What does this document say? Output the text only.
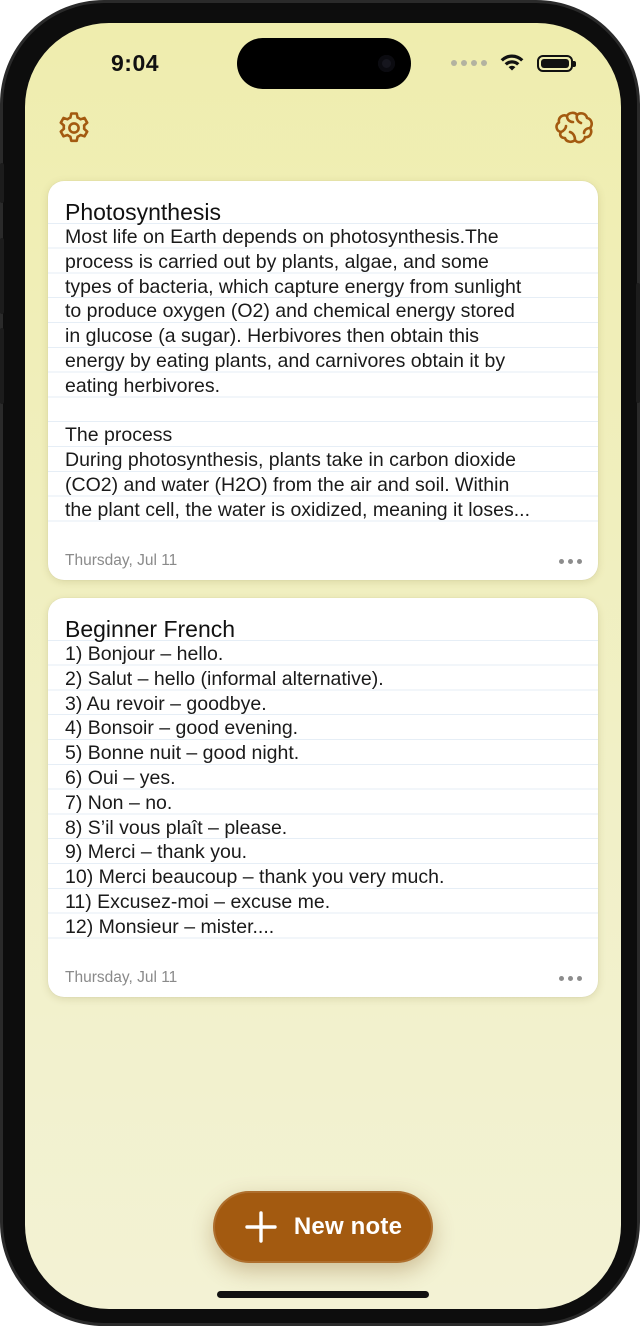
9:04

Photosynthesis

Most life on Earth depends on photosynthesis.The
process is carried out by plants, algae, and some
types of bacteria, which capture energy from sunlight
to produce oxygen (O2) and chemical energy stored
in glucose (a sugar). Herbivores then obtain this
energy by eating plants, and carnivores obtain it by
eating herbivores.

The process
During photosynthesis, plants take in carbon dioxide
(CO2) and water (H2O) from the air and soil. Within
the plant cell, the water is oxidized, meaning it loses...

Thursday, Jul 11

Beginner French

1) Bonjour – hello.
2) Salut – hello (informal alternative).
3) Au revoir – goodbye.
4) Bonsoir – good evening.
5) Bonne nuit – good night.
6) Oui – yes.
7) Non – no.
8) S’il vous plaît – please.
9) Merci – thank you.
10) Merci beaucoup – thank you very much.
11) Excusez-moi – excuse me.
12) Monsieur – mister....

Thursday, Jul 11
New note
